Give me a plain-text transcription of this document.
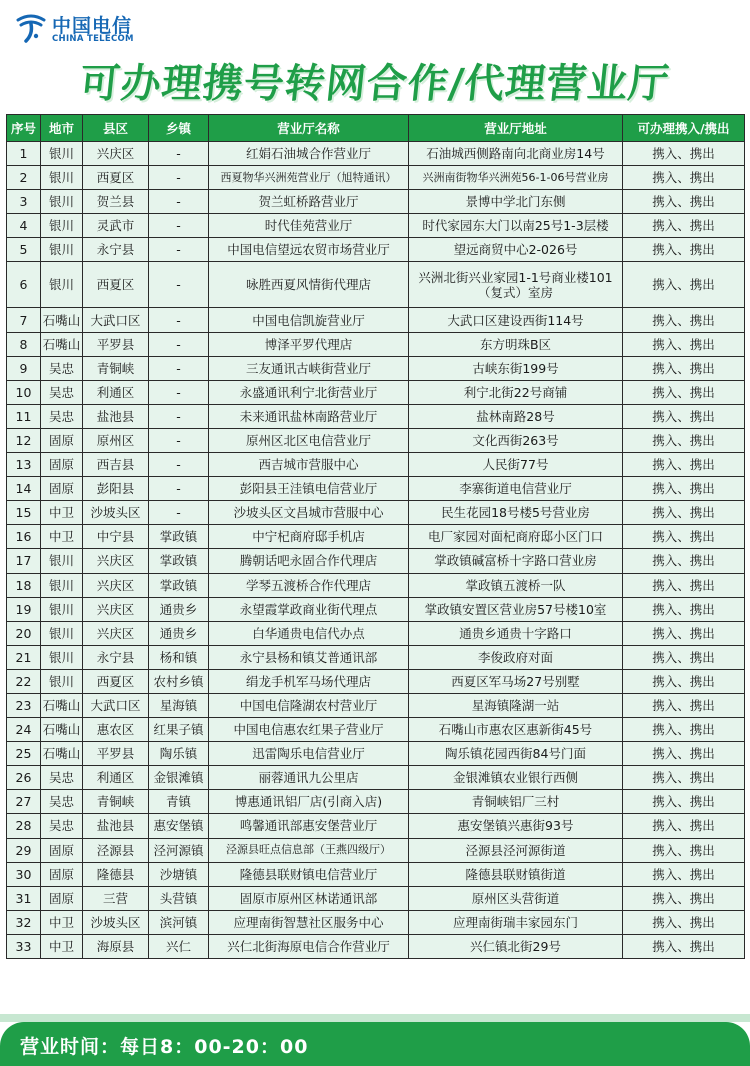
中国电信
CHINA TELECOM
可办理携号转网合作/代理营业厅
序号	地市	县区	乡镇	营业厅名称	营业厅地址	可办理携入/携出
1	银川	兴庆区	-	红娟石油城合作营业厅	石油城西侧路南向北商业房14号	携入、携出
2	银川	西夏区	-	西夏物华兴洲苑营业厅（旭特通讯）	兴洲南街物华兴洲苑56-1-06号营业房	携入、携出
3	银川	贺兰县	-	贺兰虹桥路营业厅	景博中学北门东侧	携入、携出
4	银川	灵武市	-	时代佳苑营业厅	时代家园东大门以南25号1-3层楼	携入、携出
5	银川	永宁县	-	中国电信望远农贸市场营业厅	望远商贸中心2-026号	携入、携出
6	银川	西夏区	-	咏胜西夏风情街代理店	兴洲北街兴业家园1-1号商业楼101（复式）室房	携入、携出
7	石嘴山	大武口区	-	中国电信凯旋营业厅	大武口区建设西街114号	携入、携出
8	石嘴山	平罗县	-	博泽平罗代理店	东方明珠B区	携入、携出
9	吴忠	青铜峡	-	三友通讯古峡街营业厅	古峡东街199号	携入、携出
10	吴忠	利通区	-	永盛通讯利宁北街营业厅	利宁北街22号商铺	携入、携出
11	吴忠	盐池县	-	未来通讯盐林南路营业厅	盐林南路28号	携入、携出
12	固原	原州区	-	原州区北区电信营业厅	文化西街263号	携入、携出
13	固原	西吉县	-	西吉城市营服中心	人民街77号	携入、携出
14	固原	彭阳县	-	彭阳县王洼镇电信营业厅	李寨街道电信营业厅	携入、携出
15	中卫	沙坡头区	-	沙坡头区文昌城市营服中心	民生花园18号楼5号营业房	携入、携出
16	中卫	中宁县	掌政镇	中宁杞商府邸手机店	电厂家园对面杞商府邸小区门口	携入、携出
17	银川	兴庆区	掌政镇	腾朝话吧永固合作代理店	掌政镇碱富桥十字路口营业房	携入、携出
18	银川	兴庆区	掌政镇	学琴五渡桥合作代理店	掌政镇五渡桥一队	携入、携出
19	银川	兴庆区	通贵乡	永望霞掌政商业街代理点	掌政镇安置区营业房57号楼10室	携入、携出
20	银川	兴庆区	通贵乡	白华通贵电信代办点	通贵乡通贵十字路口	携入、携出
21	银川	永宁县	杨和镇	永宁县杨和镇艾普通讯部	李俊政府对面	携入、携出
22	银川	西夏区	农村乡镇	绢龙手机军马场代理店	西夏区军马场27号别墅	携入、携出
23	石嘴山	大武口区	星海镇	中国电信隆湖农村营业厅	星海镇隆湖一站	携入、携出
24	石嘴山	惠农区	红果子镇	中国电信惠农红果子营业厅	石嘴山市惠农区惠新街45号	携入、携出
25	石嘴山	平罗县	陶乐镇	迅雷陶乐电信营业厅	陶乐镇花园西街84号门面	携入、携出
26	吴忠	利通区	金银滩镇	丽蓉通讯九公里店	金银滩镇农业银行西侧	携入、携出
27	吴忠	青铜峡	青镇	博惠通讯铝厂店(引商入店)	青铜峡铝厂三村	携入、携出
28	吴忠	盐池县	惠安堡镇	鸣馨通讯部惠安堡营业厅	惠安堡镇兴惠街93号	携入、携出
29	固原	泾源县	泾河源镇	泾源县旺点信息部（王燕四级厅）	泾源县泾河源街道	携入、携出
30	固原	隆德县	沙塘镇	隆德县联财镇电信营业厅	隆德县联财镇街道	携入、携出
31	固原	三营	头营镇	固原市原州区林诺通讯部	原州区头营街道	携入、携出
32	中卫	沙坡头区	滨河镇	应理南街智慧社区服务中心	应理南街瑞丰家园东门	携入、携出
33	中卫	海原县	兴仁	兴仁北街海原电信合作营业厅	兴仁镇北街29号	携入、携出
营业时间：每日8：00-20：00
